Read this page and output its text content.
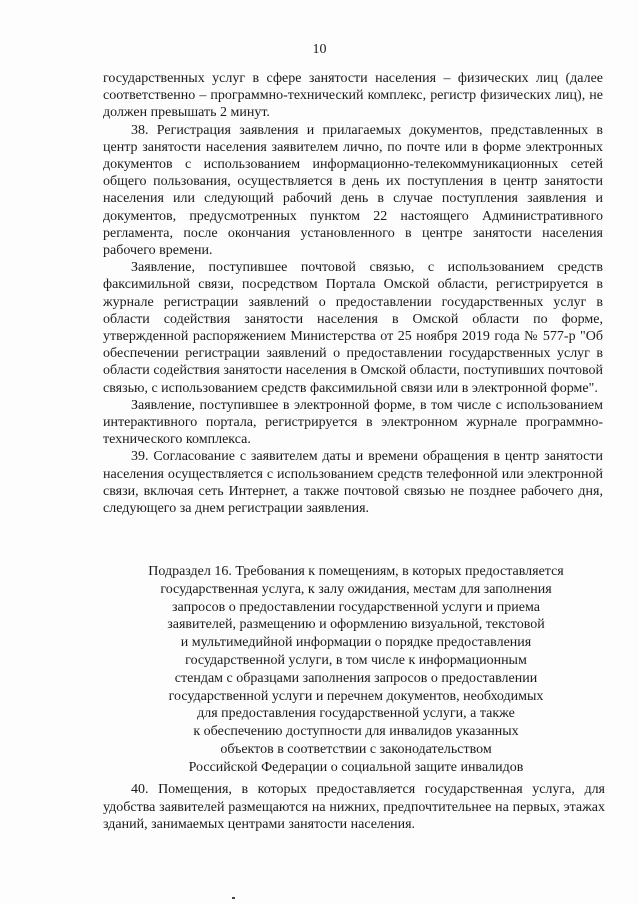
10

государственных услуг в сфере занятости населения – физических лиц (далее соответственно – программно-технический комплекс, регистр физических лиц), не должен превышать 2 минут.

38. Регистрация заявления и прилагаемых документов, представленных в центр занятости населения заявителем лично, по почте или в форме электронных документов с использованием информационно-телекоммуникационных сетей общего пользования, осуществляется в день их поступления в центр занятости населения или следующий рабочий день в случае поступления заявления и документов, предусмотренных пунктом 22 настоящего Административного регламента, после окончания установленного в центре занятости населения рабочего времени.

Заявление, поступившее почтовой связью, с использованием средств факсимильной связи, посредством Портала Омской области, регистрируется в журнале регистрации заявлений о предоставлении государственных услуг в области содействия занятости населения в Омской области по форме, утвержденной распоряжением Министерства от 25 ноября 2019 года № 577-р "Об обеспечении регистрации заявлений о предоставлении государственных услуг в области содействия занятости населения в Омской области, поступивших почтовой связью, с использованием средств факсимильной связи или в электронной форме".

Заявление, поступившее в электронной форме, в том числе с использованием интерактивного портала, регистрируется в электронном журнале программно-технического комплекса.

39. Согласование с заявителем даты и времени обращения в центр занятости населения осуществляется с использованием средств телефонной или электронной связи, включая сеть Интернет, а также почтовой связью не позднее рабочего дня, следующего за днем регистрации заявления.

Подраздел 16. Требования к помещениям, в которых предоставляется
государственная услуга, к залу ожидания, местам для заполнения
запросов о предоставлении государственной услуги и приема
заявителей, размещению и оформлению визуальной, текстовой
и мультимедийной информации о порядке предоставления
государственной услуги, в том числе к информационным
стендам с образцами заполнения запросов о предоставлении
государственной услуги и перечнем документов, необходимых
для предоставления государственной услуги, а также
к обеспечению доступности для инвалидов указанных
объектов в соответствии с законодательством
Российской Федерации о социальной защите инвалидов

40. Помещения, в которых предоставляется государственная услуга, для удобства заявителей размещаются на нижних, предпочтительнее на первых, этажах зданий, занимаемых центрами занятости населения.
